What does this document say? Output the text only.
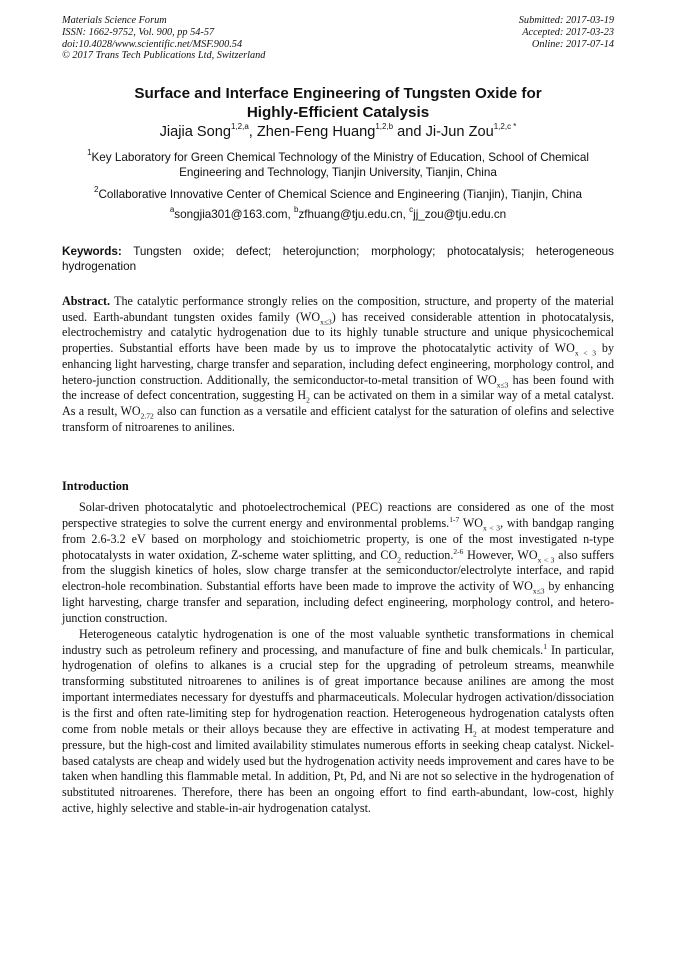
Materials Science Forum
ISSN: 1662-9752, Vol. 900, pp 54-57
doi:10.4028/www.scientific.net/MSF.900.54
© 2017 Trans Tech Publications Ltd, Switzerland
Submitted: 2017-03-19
Accepted: 2017-03-23
Online: 2017-07-14
Surface and Interface Engineering of Tungsten Oxide for
Highly-Efficient Catalysis
Jiajia Song$^{1,2,a}$, Zhen-Feng Huang$^{1,2,b}$ and Ji-Jun Zou$^{1,2,c *}$
$^1$Key Laboratory for Green Chemical Technology of the Ministry of Education, School of Chemical
Engineering and Technology, Tianjin University, Tianjin, China
$^2$Collaborative Innovative Center of Chemical Science and Engineering (Tianjin), Tianjin, China
$^a$songjia301@163.com, $^b$zfhuang@tju.edu.cn, $^c$jj_zou@tju.edu.cn
Keywords: Tungsten oxide; defect; heterojunction; morphology; photocatalysis; heterogeneous hydrogenation
Abstract. The catalytic performance strongly relies on the composition, structure, and property of the material used. Earth-abundant tungsten oxides family $(WO_{x\le 3})$ has received considerable attention in photocatalysis, electrochemistry and catalytic hydrogenation due to its highly tunable structure and unique physicochemical properties. Substantial efforts have been made by us to improve the photocatalytic activity of $WO_{x < 3}$ by enhancing light harvesting, charge transfer and separation, including defect engineering, morphology control, and hetero-junction construction. Additionally, the semiconductor-to-metal transition of $WO_{x\le 3}$ has been found with the increase of defect concentration, suggesting $H_2$ can be activated on them in a similar way of a metal catalyst. As a result, $WO_{2.72}$ also can function as a versatile and efficient catalyst for the saturation of olefins and selective transform of nitroarenes to anilines.
Introduction

Solar-driven photocatalytic and photoelectrochemical (PEC) reactions are considered as one of the most perspective strategies to solve the current energy and environmental problems.$^{1-7}$ $WO_{x < 3}$, with bandgap ranging from 2.6-3.2 eV based on morphology and stoichiometric property, is one of the most investigated n-type photocatalysts in water oxidation, Z-scheme water splitting, and $CO_2$ reduction.$^{2-6}$ However, $WO_{x < 3}$ also suffers from the sluggish kinetics of holes, slow charge transfer at the semiconductor/electrolyte interface, and rapid electron-hole recombination. Substantial efforts have been made to improve the activity of $WO_{x\le 3}$ by enhancing light harvesting, charge transfer and separation, including defect engineering, morphology control, and hetero-junction construction.

Heterogeneous catalytic hydrogenation is one of the most valuable synthetic transformations in chemical industry such as petroleum refinery and processing, and manufacture of fine and bulk chemicals.$^1$ In particular, hydrogenation of olefins to alkanes is a crucial step for the upgrading of petroleum streams, meanwhile transforming substituted nitroarenes to anilines is of great importance because anilines are among the most important intermediates necessary for dyestuffs and pharmaceuticals. Molecular hydrogen activation/dissociation is the first and often rate-limiting step for hydrogenation reaction. Heterogeneous hydrogenation catalysts often come from noble metals or their alloys because they are effective in activating $H_2$ at modest temperature and pressure, but the high-cost and limited availability stimulates numerous efforts in seeking cheap catalyst. Nickel-based catalysts are cheap and widely used but the hydrogenation activity needs improvement and cares have to be taken when handling this flammable metal. In addition, Pt, Pd, and Ni are not so selective in the hydrogenation of substituted nitroarenes. Therefore, there has been an ongoing effort to find earth-abundant, low-cost, highly active, highly selective and stable-in-air hydrogenation catalyst.
